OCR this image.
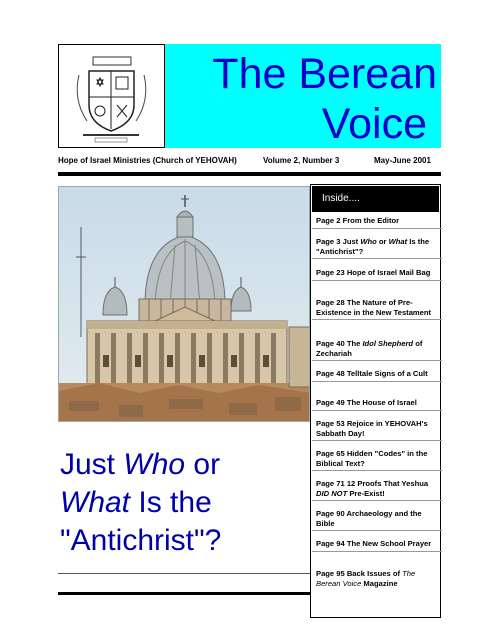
The Berean
Voice
Hope of Israel Ministries (Church of YEHOVAH)	Volume 2, Number 3	May-June 2001
Just Who or
What Is the
"Antichrist"?
Inside....
Page 2 From the Editor
Page 3 Just Who or What Is the "Antichrist"?
Page 23 Hope of Israel Mail Bag
Page 28 The Nature of Pre-Existence in the New Testament
Page 40 The Idol Shepherd of Zechariah
Page 48 Telltale Signs of a Cult
Page 49 The House of Israel
Page 53 Rejoice in YEHOVAH's Sabbath Day!
Page 65 Hidden "Codes" in the Biblical Text?
Page 71 12 Proofs That Yeshua DID NOT Pre-Exist!
Page 90 Archaeology and the Bible
Page 94 The New School Prayer
Page 95 Back Issues of The Berean Voice Magazine
